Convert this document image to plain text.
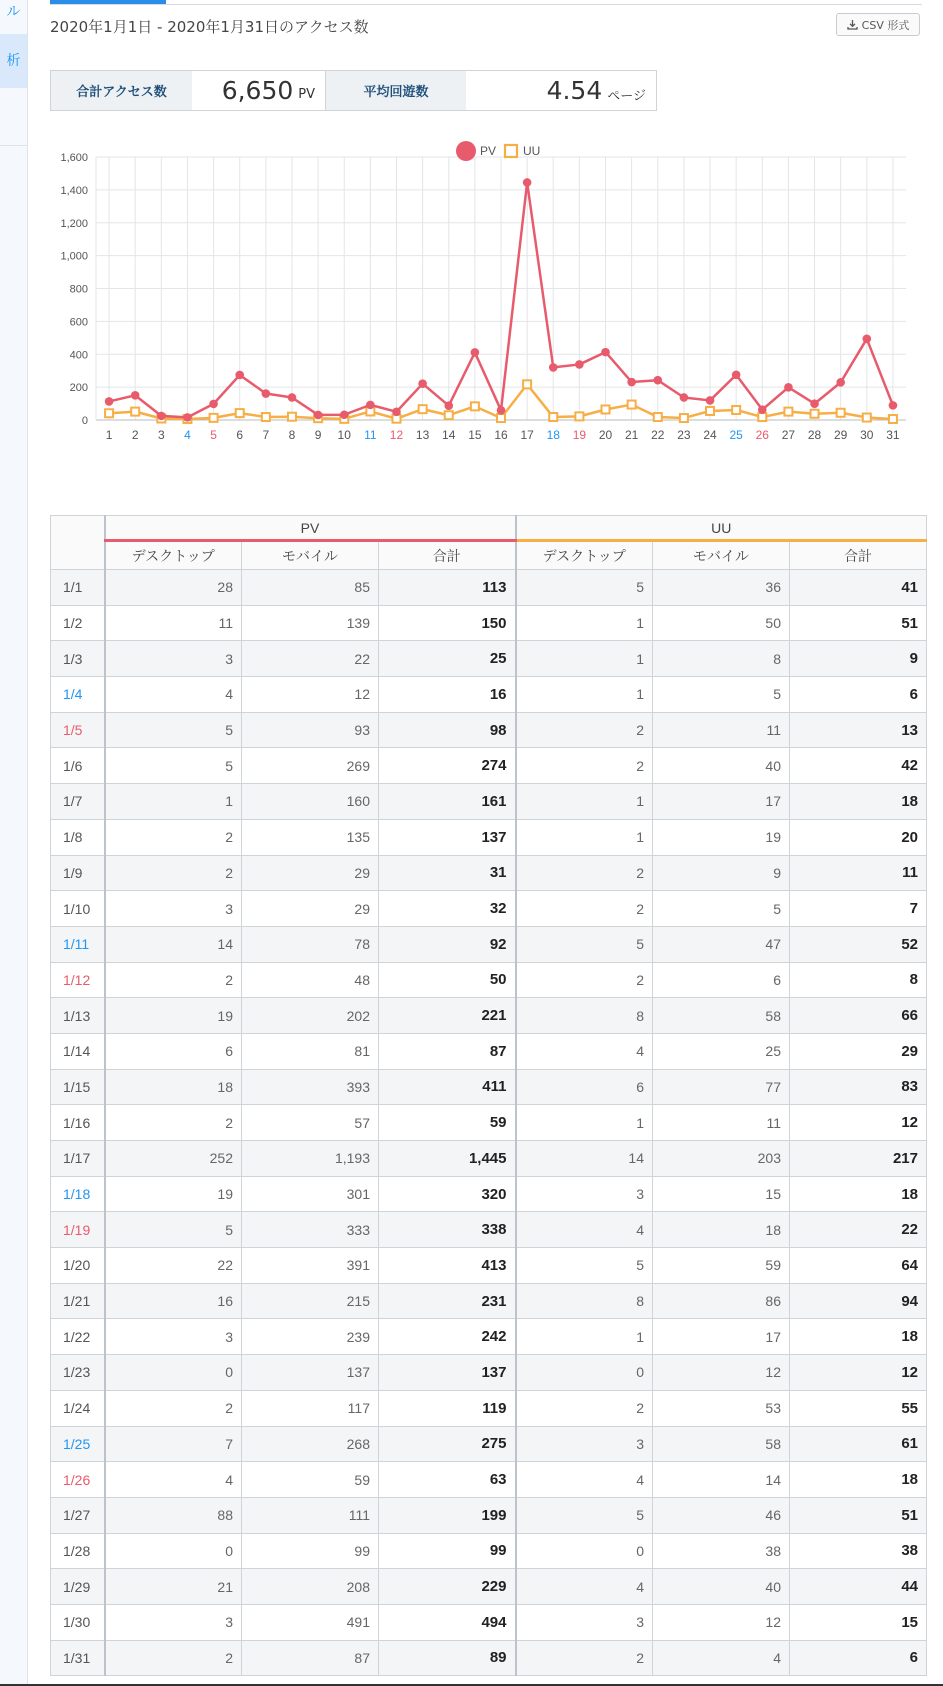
ル
析
2020年1月1日 - 2020年1月31日のアクセス数	CSV 形式
合計アクセス数	6,650 PV	平均回遊数	4.54 ページ
0
200
400
600
800
1,000
1,200
1,400
1,600
1 2 3 4 5 6 7 8 9 10 11 12 13 14 15 16 17 18 19 20 21 22 23 24 25 26 27 28 29 30 31
PV UU
	PV			UU		
	デスクトップ	モバイル	合計	デスクトップ	モバイル	合計
1/1	28	85	113	5	36	41
1/2	11	139	150	1	50	51
1/3	3	22	25	1	8	9
1/4	4	12	16	1	5	6
1/5	5	93	98	2	11	13
1/6	5	269	274	2	40	42
1/7	1	160	161	1	17	18
1/8	2	135	137	1	19	20
1/9	2	29	31	2	9	11
1/10	3	29	32	2	5	7
1/11	14	78	92	5	47	52
1/12	2	48	50	2	6	8
1/13	19	202	221	8	58	66
1/14	6	81	87	4	25	29
1/15	18	393	411	6	77	83
1/16	2	57	59	1	11	12
1/17	252	1,193	1,445	14	203	217
1/18	19	301	320	3	15	18
1/19	5	333	338	4	18	22
1/20	22	391	413	5	59	64
1/21	16	215	231	8	86	94
1/22	3	239	242	1	17	18
1/23	0	137	137	0	12	12
1/24	2	117	119	2	53	55
1/25	7	268	275	3	58	61
1/26	4	59	63	4	14	18
1/27	88	111	199	5	46	51
1/28	0	99	99	0	38	38
1/29	21	208	229	4	40	44
1/30	3	491	494	3	12	15
1/31	2	87	89	2	4	6
